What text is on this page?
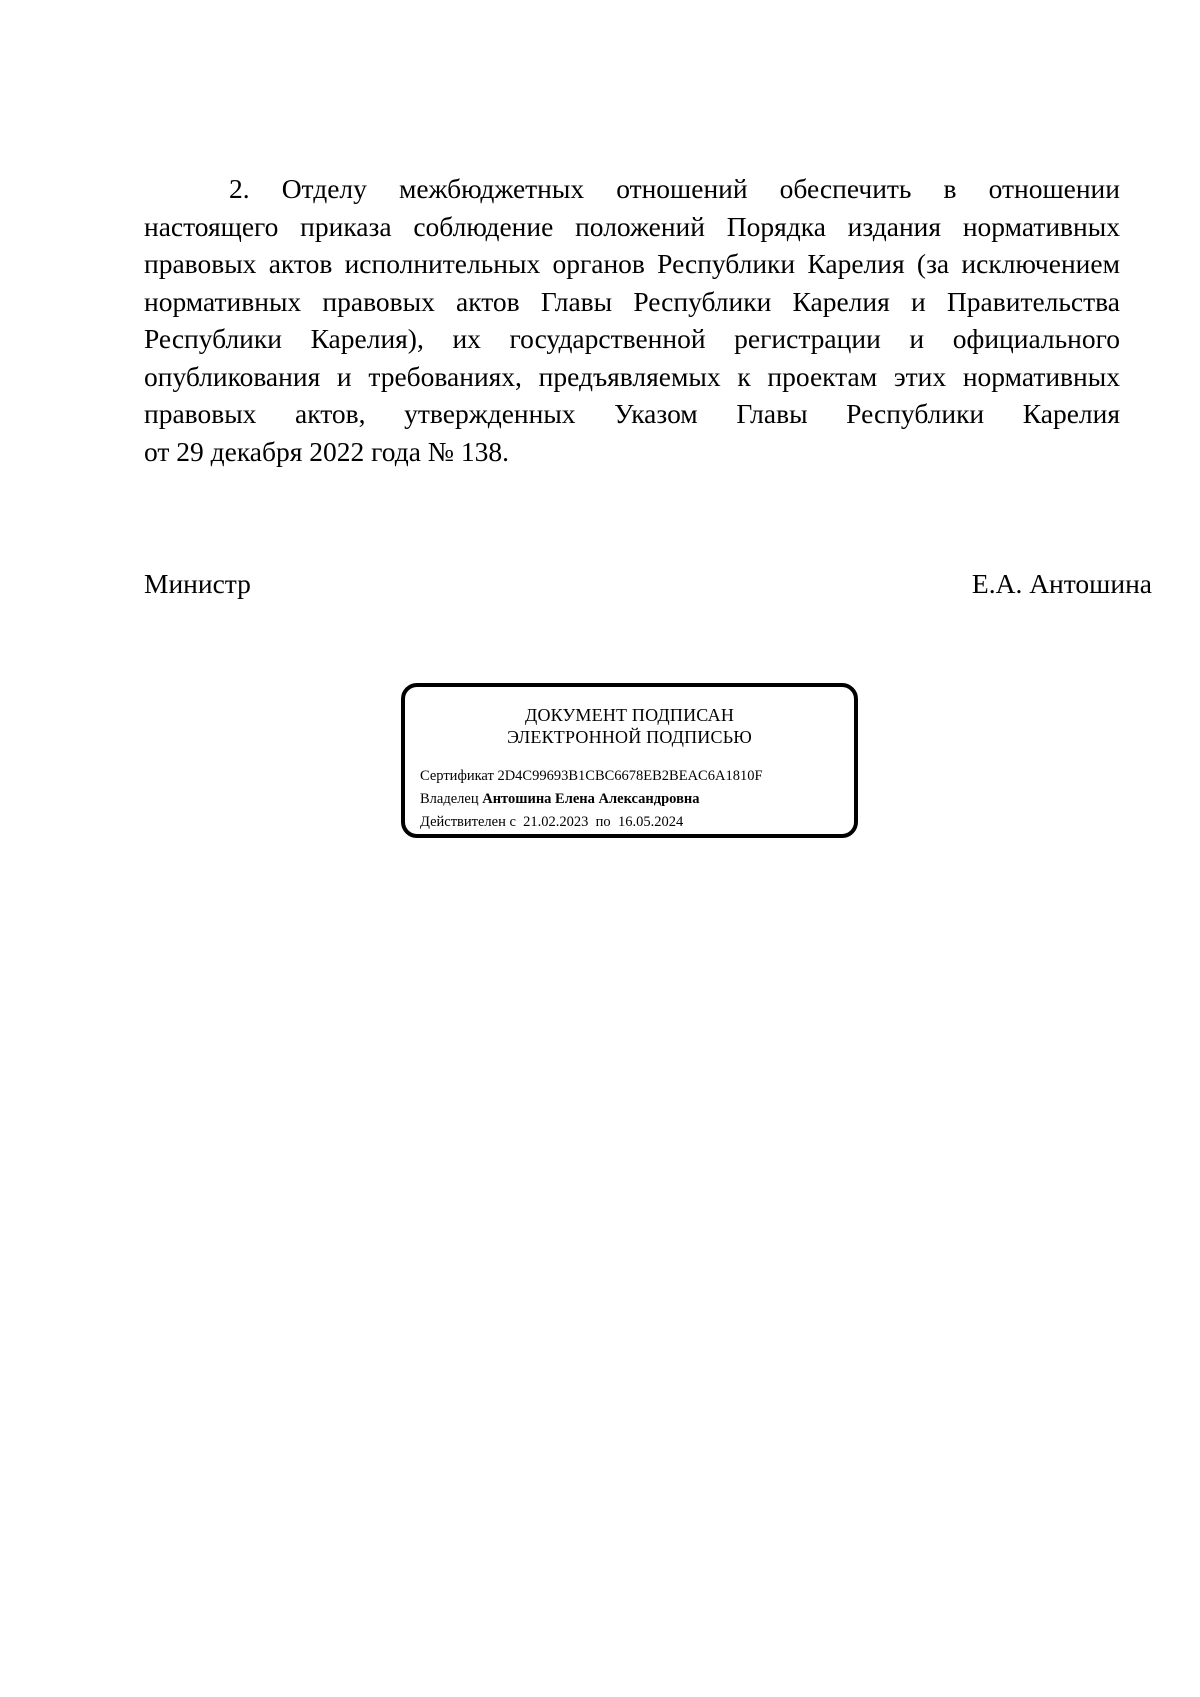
2. Отделу межбюджетных отношений обеспечить в отношении
настоящего приказа соблюдение положений Порядка издания нормативных
правовых актов исполнительных органов Республики Карелия (за исключением
нормативных правовых актов Главы Республики Карелия и Правительства
Республики Карелия), их государственной регистрации и официального
опубликования и требованиях, предъявляемых к проектам этих нормативных
правовых актов, утвержденных Указом Главы Республики Карелия
от 29 декабря 2022 года № 138.
Министр	Е.А. Антошина
ДОКУМЕНТ ПОДПИСАН
ЭЛЕКТРОННОЙ ПОДПИСЬЮ
Сертификат 2D4C99693B1CBC6678EB2BEAC6A1810F
Владелец Антошина Елена Александровна
Действителен с 21.02.2023 по 16.05.2024
